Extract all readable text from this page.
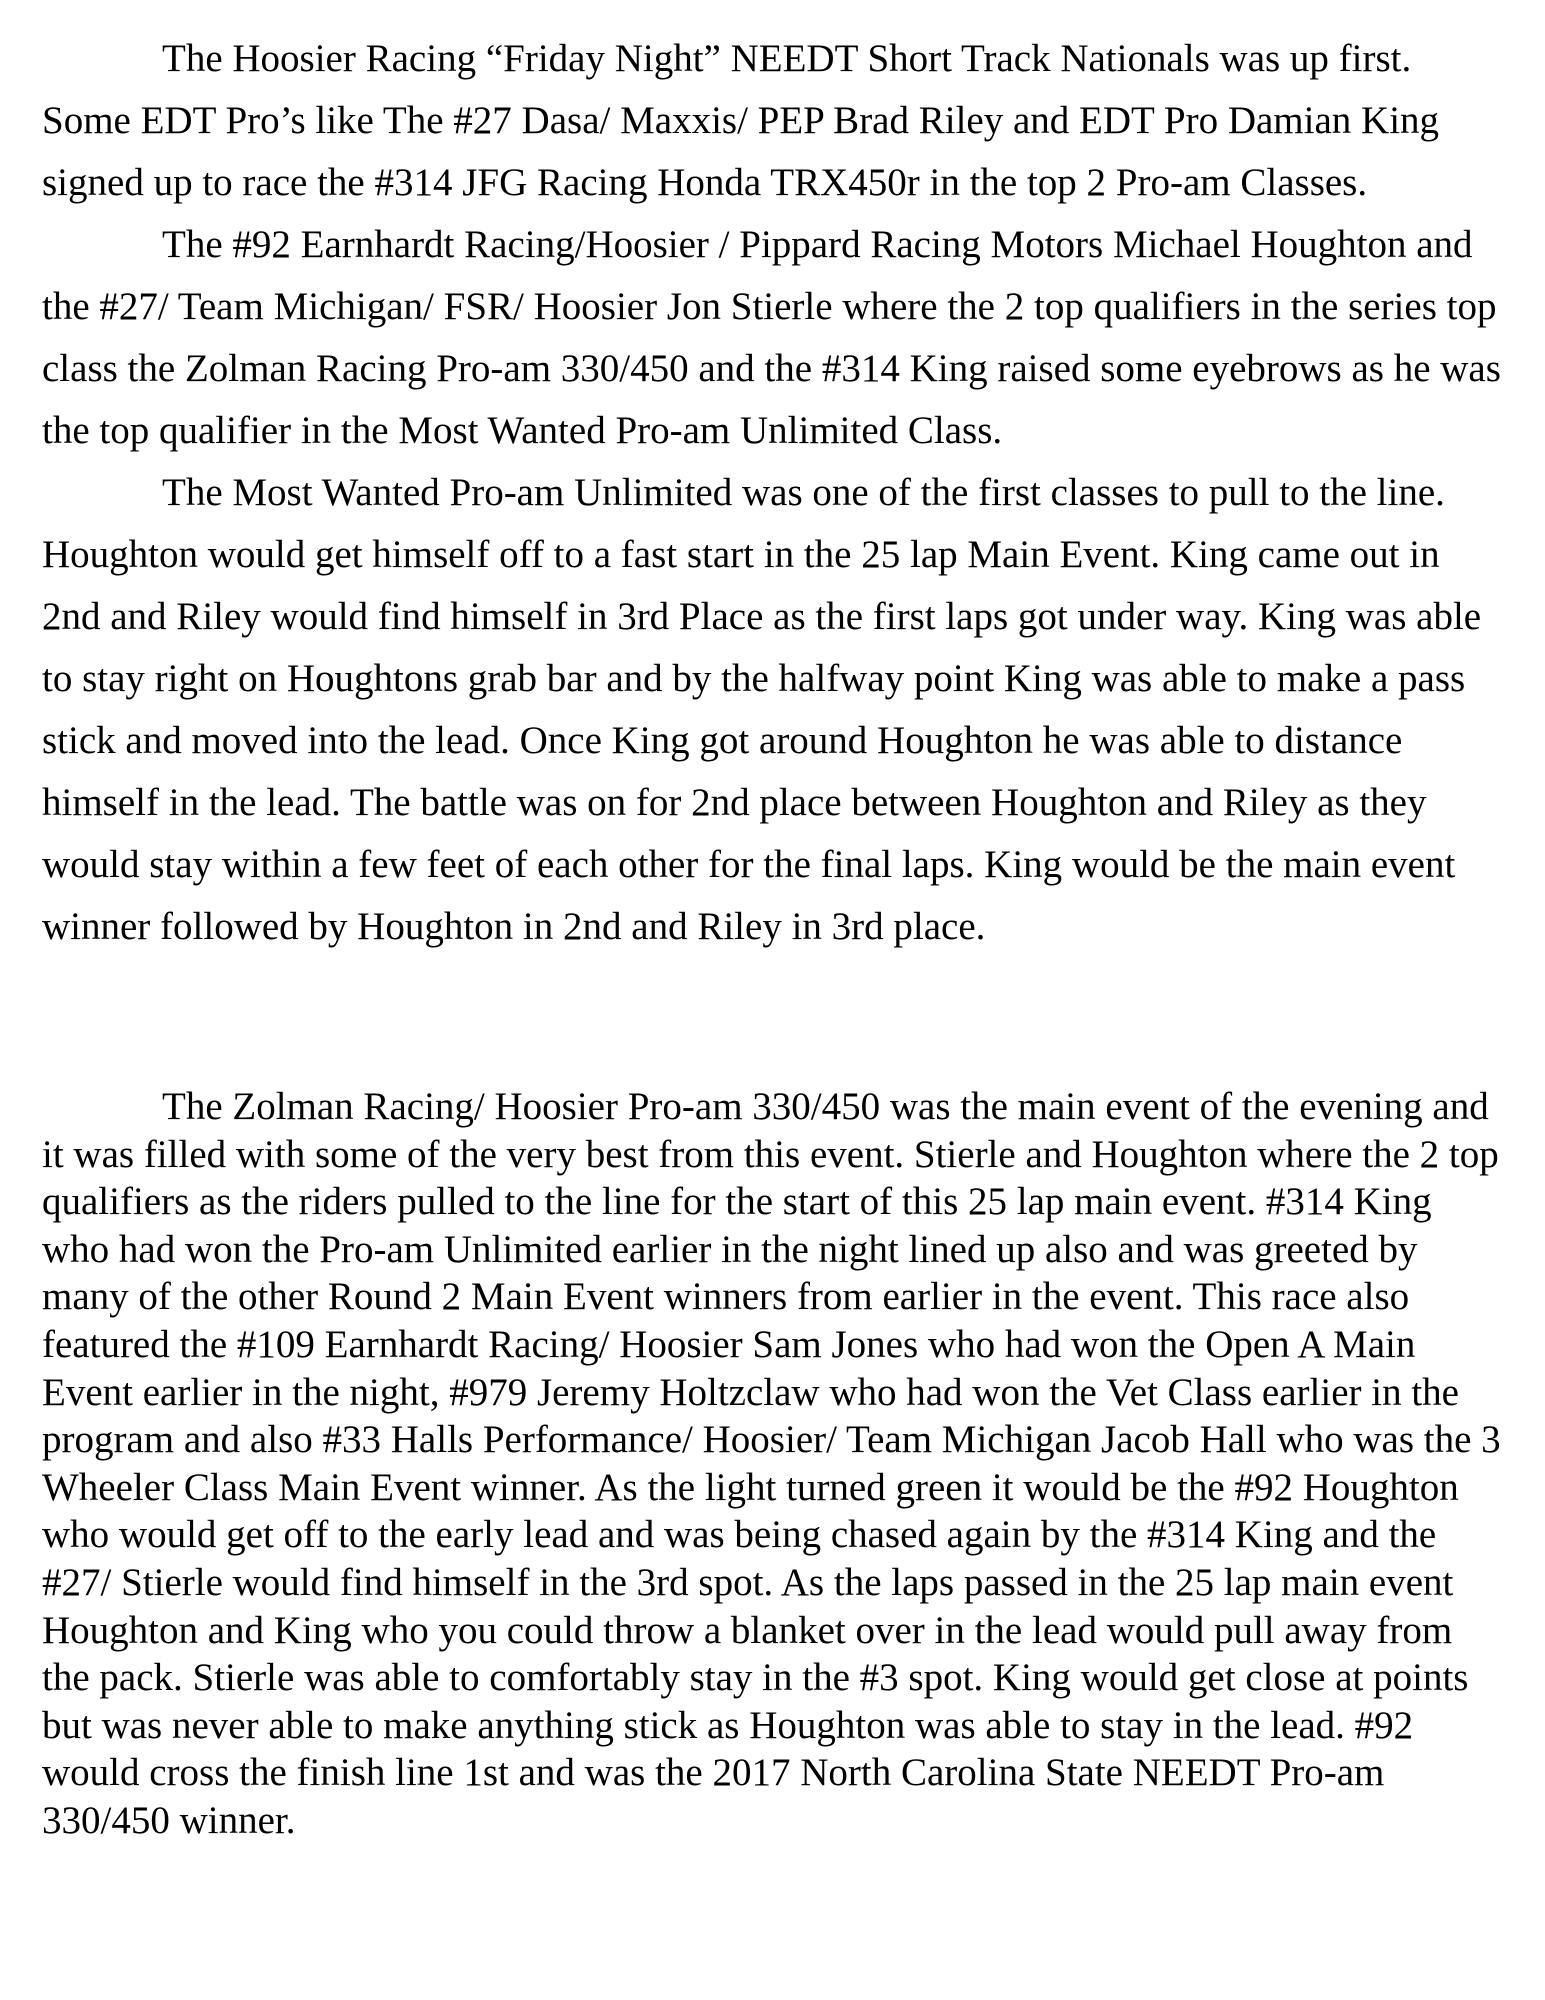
The Hoosier Racing “Friday Night” NEEDT Short Track Nationals was up first. Some EDT Pro’s like The #27 Dasa/ Maxxis/ PEP Brad Riley and EDT Pro Damian King signed up to race the #314 JFG Racing Honda TRX450r in the top 2 Pro-am Classes.

The #92 Earnhardt Racing/Hoosier / Pippard Racing Motors Michael Houghton and the #27/ Team Michigan/ FSR/ Hoosier Jon Stierle where the 2 top qualifiers in the series top class the Zolman Racing Pro-am 330/450 and the #314 King raised some eyebrows as he was the top qualifier in the Most Wanted Pro-am Unlimited Class.

The Most Wanted Pro-am Unlimited was one of the first classes to pull to the line. Houghton would get himself off to a fast start in the 25 lap Main Event. King came out in 2nd and Riley would find himself in 3rd Place as the first laps got under way. King was able to stay right on Houghtons grab bar and by the halfway point King was able to make a pass stick and moved into the lead. Once King got around Houghton he was able to distance himself in the lead. The battle was on for 2nd place between Houghton and Riley as they would stay within a few feet of each other for the final laps. King would be the main event winner followed by Houghton in 2nd and Riley in 3rd place.

The Zolman Racing/ Hoosier Pro-am 330/450 was the main event of the evening and it was filled with some of the very best from this event. Stierle and Houghton where the 2 top qualifiers as the riders pulled to the line for the start of this 25 lap main event. #314 King who had won the Pro-am Unlimited earlier in the night lined up also and was greeted by many of the other Round 2 Main Event winners from earlier in the event. This race also featured the #109 Earnhardt Racing/ Hoosier Sam Jones who had won the Open A Main Event earlier in the night, #979 Jeremy Holtzclaw who had won the Vet Class earlier in the program and also #33 Halls Performance/ Hoosier/ Team Michigan Jacob Hall who was the 3 Wheeler Class Main Event winner. As the light turned green it would be the #92 Houghton who would get off to the early lead and was being chased again by the #314 King and the #27/ Stierle would find himself in the 3rd spot. As the laps passed in the 25 lap main event Houghton and King who you could throw a blanket over in the lead would pull away from the pack. Stierle was able to comfortably stay in the #3 spot. King would get close at points but was never able to make anything stick as Houghton was able to stay in the lead. #92 would cross the finish line 1st and was the 2017 North Carolina State NEEDT Pro-am 330/450 winner.
